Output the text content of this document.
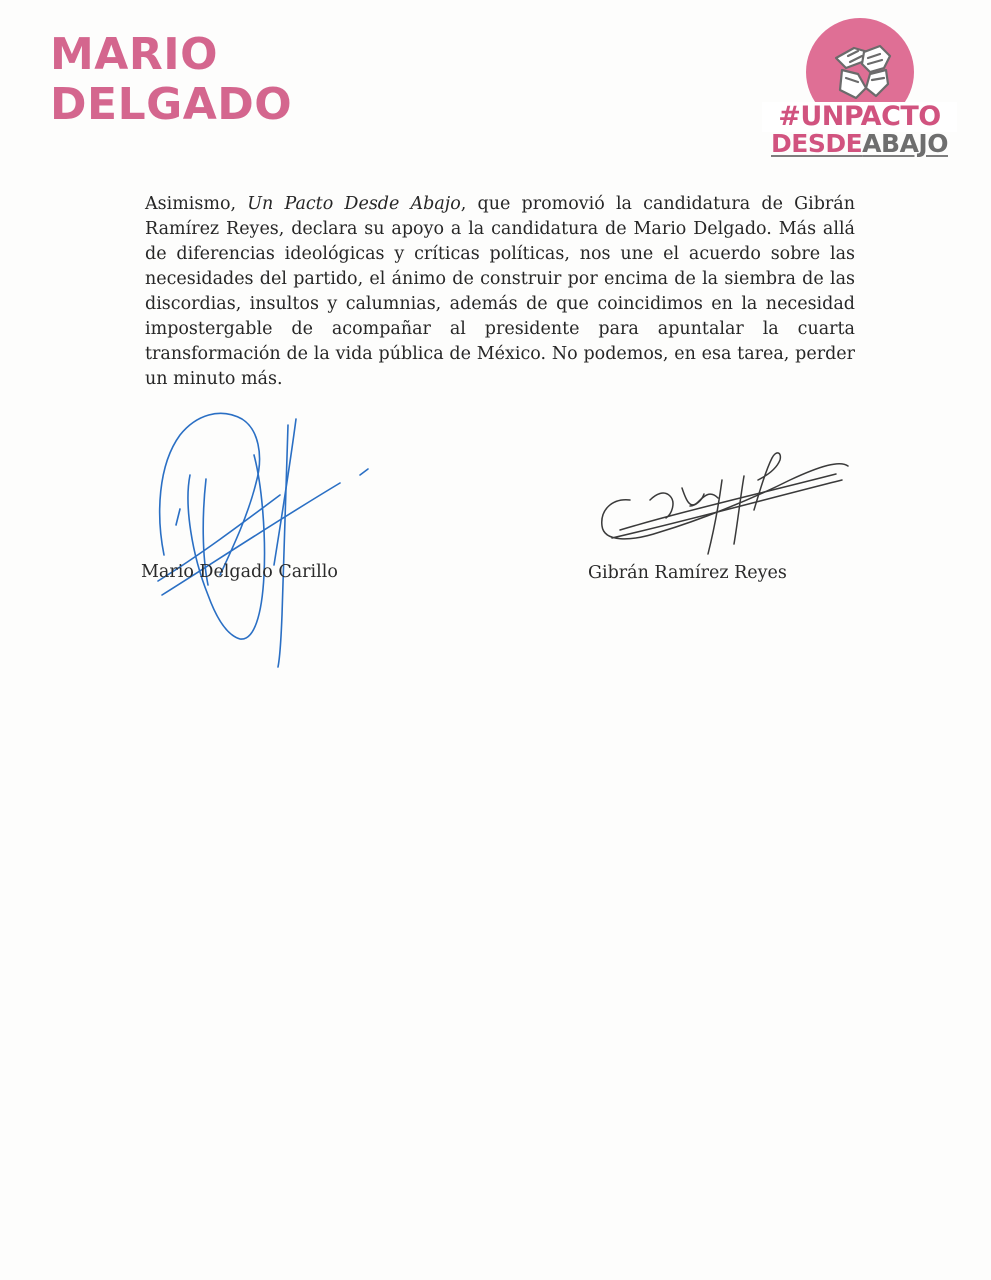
MARIO
DELGADO	#UNPACTO
DESDEABAJO

Asimismo, Un Pacto Desde Abajo, que promovió la candidatura de Gibrán Ramírez Reyes, declara su apoyo a la candidatura de Mario Delgado. Más allá de diferencias ideológicas y críticas políticas, nos une el acuerdo sobre las necesidades del partido, el ánimo de construir por encima de la siembra de las discordias, insultos y calumnias, además de que coincidimos en la necesidad impostergable de acompañar al presidente para apuntalar la cuarta transformación de la vida pública de México. No podemos, en esa tarea, perder un minuto más.

Mario Delgado Carillo	Gibrán Ramírez Reyes
